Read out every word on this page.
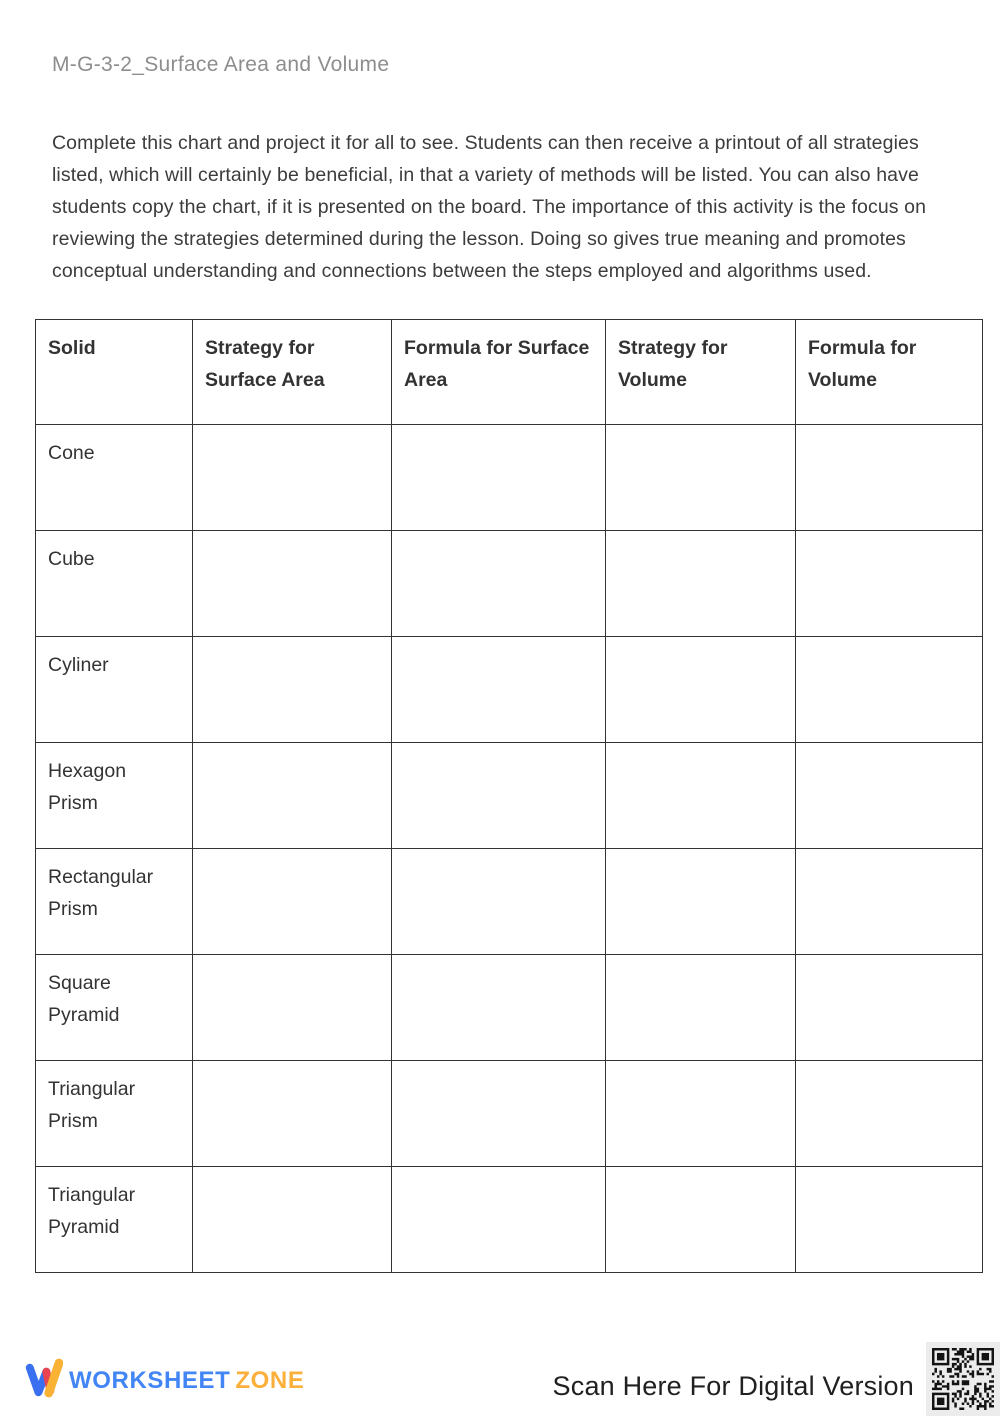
M-G-3-2_Surface Area and Volume

Complete this chart and project it for all to see. Students can then receive a printout of all strategies listed, which will certainly be beneficial, in that a variety of methods will be listed. You can also have students copy the chart, if it is presented on the board. The importance of this activity is the focus on reviewing the strategies determined during the lesson. Doing so gives true meaning and promotes conceptual understanding and connections between the steps employed and algorithms used.

Solid	Strategy for Surface Area	Formula for Surface Area	Strategy for Volume	Formula for Volume
Cone				
Cube				
Cyliner				
Hexagon Prism				
Rectangular Prism				
Square Pyramid				
Triangular Prism				
Triangular Pyramid				
WORKSHEET ZONE	Scan Here For Digital Version
